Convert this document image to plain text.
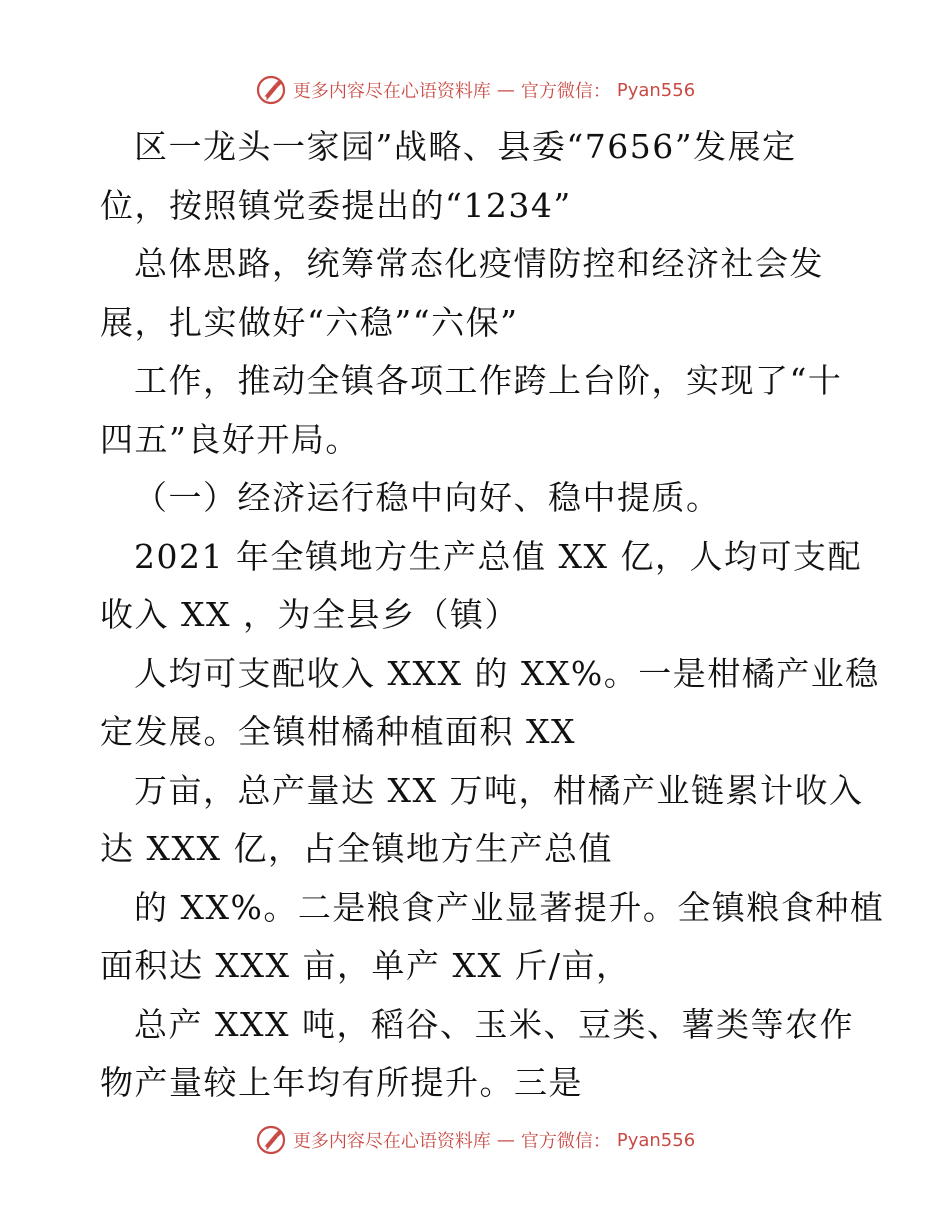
更多内容尽在心语资料库 — 官方微信： Pyan556
区一龙头一家园”战略、县委“7656”发展定
位，按照镇党委提出的“1234”
总体思路，统筹常态化疫情防控和经济社会发
展，扎实做好“六稳”“六保”
工作，推动全镇各项工作跨上台阶，实现了“十
四五”良好开局。
（一）经济运行稳中向好、稳中提质。
2021 年全镇地方生产总值 XX 亿，人均可支配
收入 XX ，为全县乡（镇）
人均可支配收入 XXX 的 XX%。一是柑橘产业稳
定发展。全镇柑橘种植面积 XX
万亩，总产量达 XX 万吨，柑橘产业链累计收入
达 XXX 亿，占全镇地方生产总值
的 XX%。二是粮食产业显著提升。全镇粮食种植
面积达 XXX 亩，单产 XX 斤/亩，
总产 XXX 吨，稻谷、玉米、豆类、薯类等农作
物产量较上年均有所提升。三是
更多内容尽在心语资料库 — 官方微信： Pyan556
